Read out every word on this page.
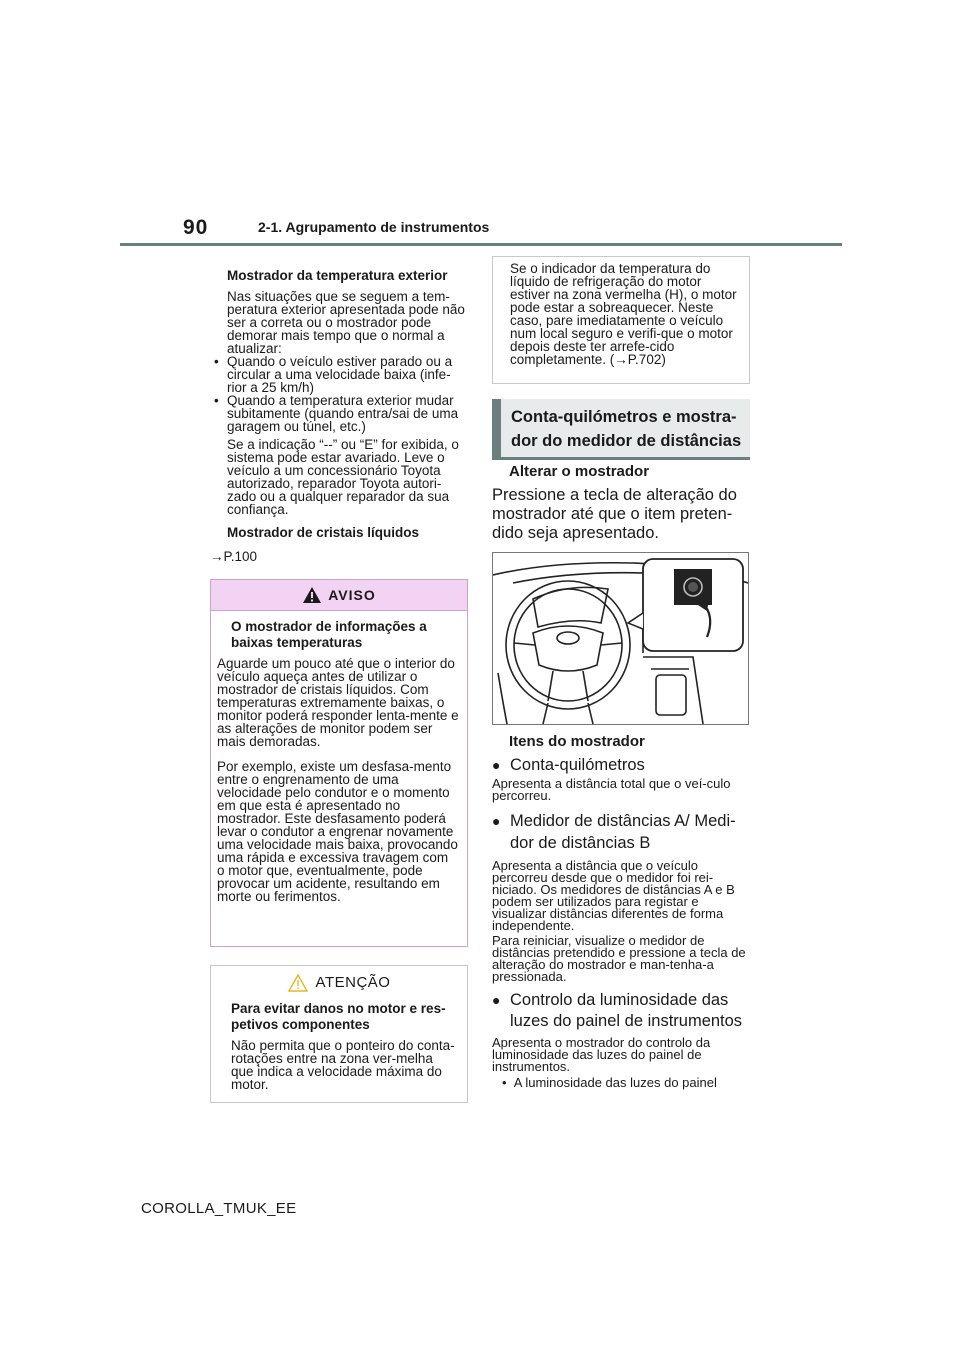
90	2-1. Agrupamento de instrumentos

Mostrador da temperatura exterior

Nas situações que se seguem a tem-peratura exterior apresentada pode não ser a correta ou o mostrador pode demorar mais tempo que o normal a atualizar:

• Quando o veículo estiver parado ou a circular a uma velocidade baixa (infe-rior a 25 km/h)

• Quando a temperatura exterior mudar subitamente (quando entra/sai de uma garagem ou túnel, etc.)

Se a indicação “--” ou “E” for exibida, o sistema pode estar avariado. Leve o veículo a um concessionário Toyota autorizado, reparador Toyota autori-zado ou a qualquer reparador da sua confiança.

Mostrador de cristais líquidos

→P.100
AVISO

O mostrador de informações a baixas temperaturas

Aguarde um pouco até que o interior do veículo aqueça antes de utilizar o mostrador de cristais líquidos. Com temperaturas extremamente baixas, o monitor poderá responder lenta-mente e as alterações de monitor podem ser mais demoradas.

Por exemplo, existe um desfasa-mento entre o engrenamento de uma velocidade pelo condutor e o momento em que esta é apresentado no mostrador. Este desfasamento poderá levar o condutor a engrenar novamente uma velocidade mais baixa, provocando uma rápida e excessiva travagem com o motor que, eventualmente, pode provocar um acidente, resultando em morte ou ferimentos.

ATENÇÃO

Para evitar danos no motor e res-petivos componentes

Não permita que o ponteiro do conta-rotações entre na zona ver-melha que indica a velocidade máxima do motor.

Se o indicador da temperatura do líquido de refrigeração do motor estiver na zona vermelha (H), o motor pode estar a sobreaquecer. Neste caso, pare imediatamente o veículo num local seguro e verifi-que o motor depois deste ter arrefe-cido completamente. (→P.702)

Conta-quilómetros e mostra-
dor do medidor de distâncias

Alterar o mostrador

Pressione a tecla de alteração do mostrador até que o item preten-dido seja apresentado.

Itens do mostrador

● Conta-quilómetros

Apresenta a distância total que o veí-culo percorreu.

● Medidor de distâncias A/ Medi-dor de distâncias B

Apresenta a distância que o veículo percorreu desde que o medidor foi rei-niciado. Os medidores de distâncias A e B podem ser utilizados para registar e visualizar distâncias diferentes de forma independente.

Para reiniciar, visualize o medidor de distâncias pretendido e pressione a tecla de alteração do mostrador e man-tenha-a pressionada.

● Controlo da luminosidade das luzes do painel de instrumentos

Apresenta o mostrador do controlo da luminosidade das luzes do painel de instrumentos.

•  A luminosidade das luzes do painel

COROLLA_TMUK_EE
